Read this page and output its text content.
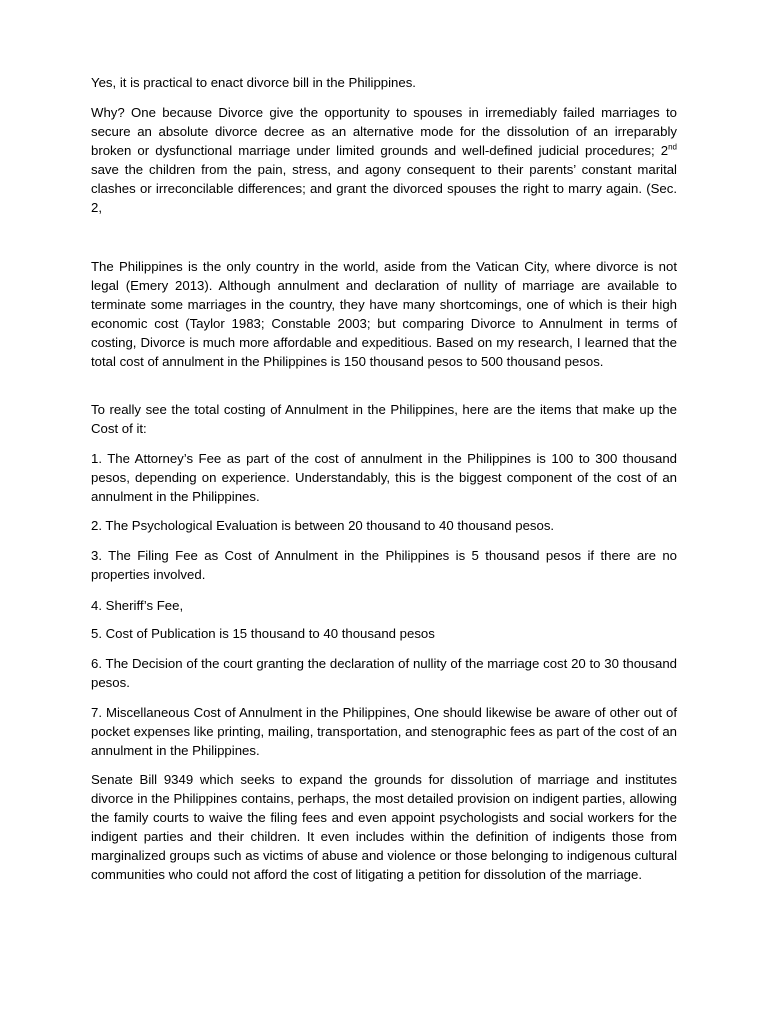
Yes, it is practical to enact divorce bill in the Philippines.

Why? One because Divorce give the opportunity to spouses in irremediably failed marriages to secure an absolute divorce decree as an alternative mode for the dissolution of an irreparably broken or dysfunctional marriage under limited grounds and well-defined judicial procedures; 2nd save the children from the pain, stress, and agony consequent to their parents’ constant marital clashes or irreconcilable differences; and grant the divorced spouses the right to marry again. (Sec. 2,

The Philippines is the only country in the world, aside from the Vatican City, where divorce is not legal (Emery 2013). Although annulment and declaration of nullity of marriage are available to terminate some marriages in the country, they have many shortcomings, one of which is their high economic cost (Taylor 1983; Constable 2003; but comparing Divorce to Annulment in terms of costing, Divorce is much more affordable and expeditious. Based on my research, I learned that the total cost of annulment in the Philippines is 150 thousand pesos to 500 thousand pesos.

To really see the total costing of Annulment in the Philippines, here are the items that make up the Cost of it:

1. The Attorney’s Fee as part of the cost of annulment in the Philippines is 100 to 300 thousand pesos, depending on experience. Understandably, this is the biggest component of the cost of an annulment in the Philippines.

2. The Psychological Evaluation is between 20 thousand to 40 thousand pesos.

3. The Filing Fee as Cost of Annulment in the Philippines is 5 thousand pesos if there are no properties involved.

4. Sheriff’s Fee,

5. Cost of Publication is 15 thousand to 40 thousand pesos

6. The Decision of the court granting the declaration of nullity of the marriage cost 20 to 30 thousand pesos.

7. Miscellaneous Cost of Annulment in the Philippines, One should likewise be aware of other out of pocket expenses like printing, mailing, transportation, and stenographic fees as part of the cost of an annulment in the Philippines.

Senate Bill 9349 which seeks to expand the grounds for dissolution of marriage and institutes divorce in the Philippines contains, perhaps, the most detailed provision on indigent parties, allowing the family courts to waive the filing fees and even appoint psychologists and social workers for the indigent parties and their children. It even includes within the definition of indigents those from marginalized groups such as victims of abuse and violence or those belonging to indigenous cultural communities who could not afford the cost of litigating a petition for dissolution of the marriage.
